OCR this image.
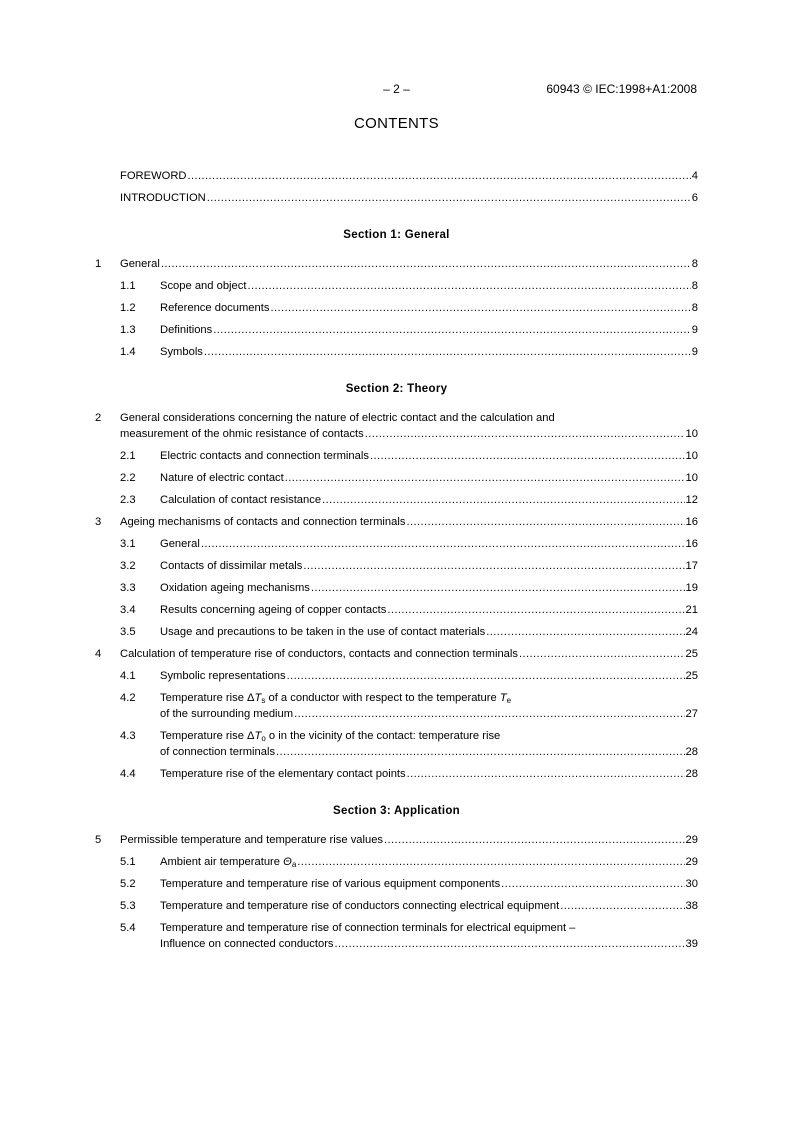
– 2 –	60943 © IEC:1998+A1:2008
CONTENTS
FOREWORD .....	4
INTRODUCTION .....	6
Section 1: General
1 General .....	8
1.1 Scope and object .....	8
1.2 Reference documents .....	8
1.3 Definitions .....	9
1.4 Symbols .....	9
Section 2: Theory
2 General considerations concerning the nature of electric contact and the calculation and
measurement of the ohmic resistance of contacts .....	10
2.1 Electric contacts and connection terminals .....	10
2.2 Nature of electric contact .....	10
2.3 Calculation of contact resistance .....	12
3 Ageing mechanisms of contacts and connection terminals .....	16
3.1 General .....	16
3.2 Contacts of dissimilar metals .....	17
3.3 Oxidation ageing mechanisms .....	19
3.4 Results concerning ageing of copper contacts .....	21
3.5 Usage and precautions to be taken in the use of contact materials .....	24
4 Calculation of temperature rise of conductors, contacts and connection terminals .....	25
4.1 Symbolic representations .....	25
4.2 Temperature rise $\Delta T_s$ of a conductor with respect to the temperature $T_e$
of the surrounding medium .....	27
4.3 Temperature rise $\Delta T_o$ o in the vicinity of the contact: temperature rise
of connection terminals .....	28
4.4 Temperature rise of the elementary contact points .....	28
Section 3: Application
5 Permissible temperature and temperature rise values .....	29
5.1 Ambient air temperature $\Theta_a$ .....	29
5.2 Temperature and temperature rise of various equipment components .....	30
5.3 Temperature and temperature rise of conductors connecting electrical equipment .....	38
5.4 Temperature and temperature rise of connection terminals for electrical equipment –
Influence on connected conductors .....	39
